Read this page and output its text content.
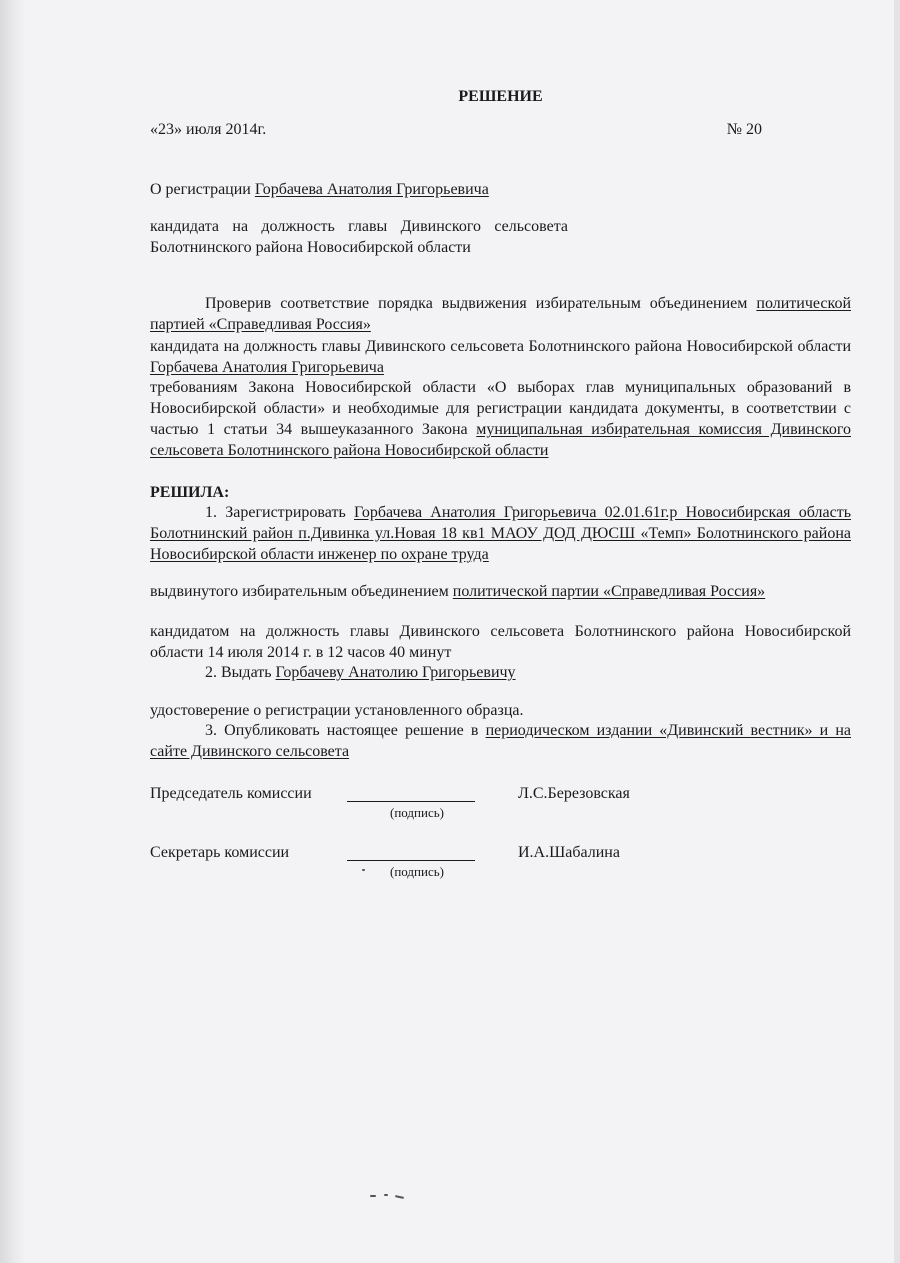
РЕШЕНИЕ
«23» июля 2014г.	№ 20
О регистрации Горбачева Анатолия Григорьевича
кандидата на должность главы Дивинского сельсовета Болотнинского района Новосибирской области
Проверив соответствие порядка выдвижения избирательным объединением политической партией «Справедливая Россия»
кандидата на должность главы Дивинского сельсовета Болотнинского района Новосибирской области Горбачева Анатолия Григорьевича
требованиям Закона Новосибирской области «О выборах глав муниципальных образований в Новосибирской области» и необходимые для регистрации кандидата документы, в соответствии с частью 1 статьи 34 вышеуказанного Закона муниципальная избирательная комиссия Дивинского сельсовета Болотнинского района Новосибирской области
РЕШИЛА:
1. Зарегистрировать Горбачева Анатолия Григорьевича 02.01.61г.р Новосибирская область Болотнинский район п.Дивинка ул.Новая 18 кв1 МАОУ ДОД ДЮСШ «Темп» Болотнинского района Новосибирской области инженер по охране труда
выдвинутого избирательным объединением политической партии «Справедливая Россия»
кандидатом на должность главы Дивинского сельсовета Болотнинского района Новосибирской области 14 июля 2014 г. в 12 часов 40 минут
2. Выдать Горбачеву Анатолию Григорьевичу
удостоверение о регистрации установленного образца.
3. Опубликовать настоящее решение в периодическом издании «Дивинский вестник» и на сайте Дивинского сельсовета
Председатель комиссии	Л.С.Березовская
(подпись)
Секретарь комиссии	И.А.Шабалина
(подпись)
